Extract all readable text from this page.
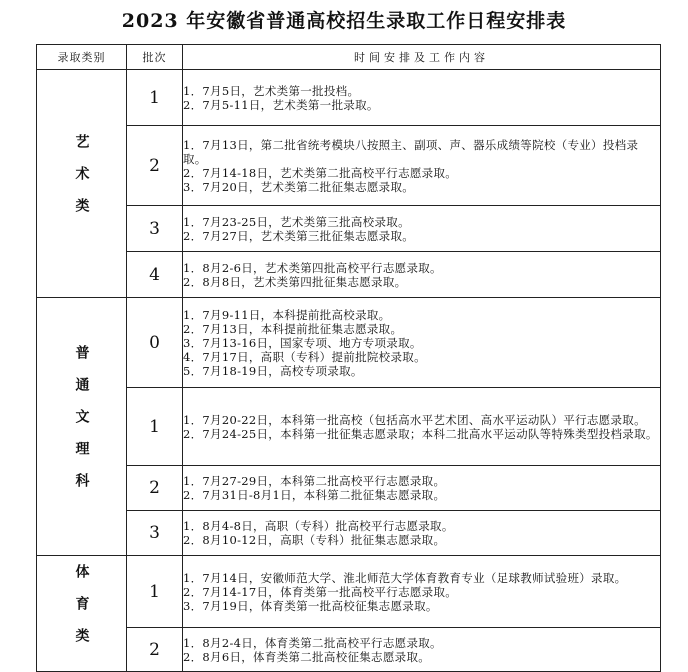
2023 年安徽省普通高校招生录取工作日程安排表
录取类别	批次	时间安排及工作内容
艺术类	1	1．7月5日，艺术类第一批投档。
2．7月5-11日，艺术类第一批录取。

	2	1．7月13日，第二批省统考模块八按照主、副项、声、器乐成绩等院校（专业）投档录取。
2．7月14-18日，艺术类第二批高校平行志愿录取。
3．7月20日，艺术类第二批征集志愿录取。

	3	1．7月23-25日，艺术类第三批高校录取。
2．7月27日，艺术类第三批征集志愿录取。

	4	1．8月2-6日，艺术类第四批高校平行志愿录取。
2．8月8日，艺术类第四批征集志愿录取。

普通文理科	0	1．7月9-11日，本科提前批高校录取。
2．7月13日，本科提前批征集志愿录取。
3．7月13-16日，国家专项、地方专项录取。
4．7月17日，高职（专科）提前批院校录取。
5．7月18-19日，高校专项录取。

	1	1．7月20-22日，本科第一批高校（包括高水平艺术团、高水平运动队）平行志愿录取。
2．7月24-25日，本科第一批征集志愿录取；本科二批高水平运动队等特殊类型投档录取。

	2	1．7月27-29日，本科第二批高校平行志愿录取。
2．7月31日-8月1日，本科第二批征集志愿录取。

	3	1．8月4-8日，高职（专科）批高校平行志愿录取。
2．8月10-12日，高职（专科）批征集志愿录取。

体育类	1	1．7月14日，安徽师范大学、淮北师范大学体育教育专业（足球教师试验班）录取。
2．7月14-17日，体育类第一批高校平行志愿录取。
3．7月19日，体育类第一批高校征集志愿录取。

	2	1．8月2-4日，体育类第二批高校平行志愿录取。
2．8月6日，体育类第二批高校征集志愿录取。
